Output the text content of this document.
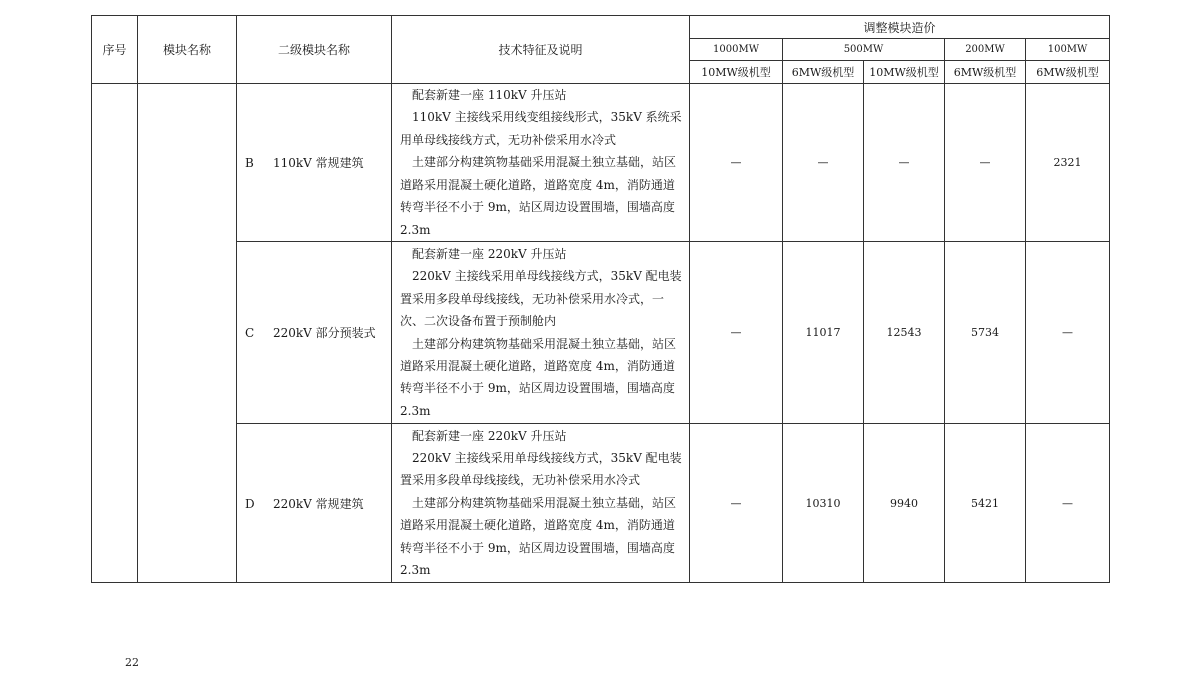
序号	模块名称	二级模块名称	技术特征及说明	调整模块造价				
				1000MW	500MW		200MW	100MW
				10MW级机型	6MW级机型	10MW级机型	6MW级机型	6MW级机型
		B 110kV 常规建筑	配套新建一座 110kV 升压站

110kV 主接线采用线变组接线形式，35kV 系统采用单母线接线方式，无功补偿采用水冷式

土建部分构建筑物基础采用混凝土独立基础，站区道路采用混凝土硬化道路，道路宽度 4m，消防通道转弯半径不小于 9m，站区周边设置围墙，围墙高度 2.3m	—	—	—	—	2321
		C 220kV 部分预装式	配套新建一座 220kV 升压站

220kV 主接线采用单母线接线方式，35kV 配电装置采用多段单母线接线，无功补偿采用水冷式，一次、二次设备布置于预制舱内

土建部分构建筑物基础采用混凝土独立基础，站区道路采用混凝土硬化道路，道路宽度 4m，消防通道转弯半径不小于 9m，站区周边设置围墙，围墙高度 2.3m	—	11017	12543	5734	—
		D 220kV 常规建筑	配套新建一座 220kV 升压站

220kV 主接线采用单母线接线方式，35kV 配电装置采用多段单母线接线，无功补偿采用水冷式

土建部分构建筑物基础采用混凝土独立基础，站区道路采用混凝土硬化道路，道路宽度 4m，消防通道转弯半径不小于 9m，站区周边设置围墙，围墙高度 2.3m	—	10310	9940	5421	—
22
